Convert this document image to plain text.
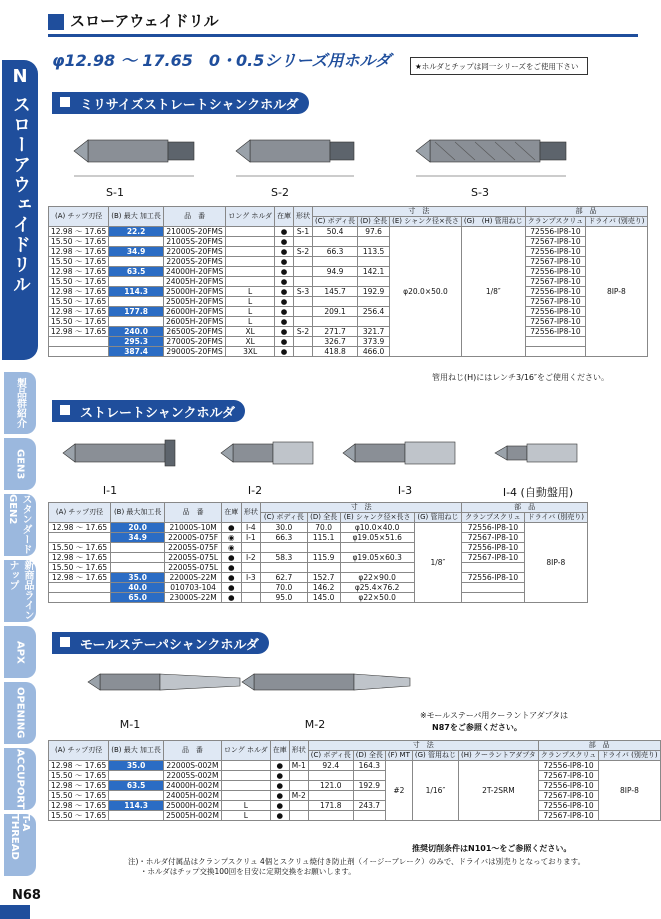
N
スローアウェイドリル
製品群紹介
GEN3
スタンダードGEN2
新商品ラインナップ
APX
OPENING
ACCUPORT
T-A THREAD
スローアウェイドリル
φ12.98 ～ 17.65　0・0.5シリーズ用ホルダ	★ホルダとチップは同一シリーズをご使用下さい
ミリサイズストレートシャンクホルダ
S-1	S-2	S-3
(A) チップ刃径	(B) 最大 加工長	品　番	ロング ホルダ	在庫	形状	寸　法				部　品	
						(C) ボディ長	(D) 全長	(E) シャンク径×長さ	(G)　(H) 管用ねじ	クランプスクリュ	ドライバ (別売り)
12.98 ～ 17.65	22.2	21000S-20FMS		●	S-1	50.4	97.6	φ20.0×50.0	1/8″	72556-IP8-10	8IP-8
15.50 ～ 17.65		21005S-20FMS		●						72567-IP8-10	
12.98 ～ 17.65	34.9	22000S-20FMS		●	S-2	66.3	113.5			72556-IP8-10	
15.50 ～ 17.65		22005S-20FMS		●						72567-IP8-10	
12.98 ～ 17.65	63.5	24000H-20FMS		●		94.9	142.1			72556-IP8-10	
15.50 ～ 17.65		24005H-20FMS		●						72567-IP8-10	
12.98 ～ 17.65	114.3	25000H-20FMS	L	●	S-3	145.7	192.9			72556-IP8-10	
15.50 ～ 17.65		25005H-20FMS	L	●						72567-IP8-10	
12.98 ～ 17.65	177.8	26000H-20FMS	L	●		209.1	256.4			72556-IP8-10	
15.50 ～ 17.65		26005H-20FMS	L	●						72567-IP8-10	
12.98 ～ 17.65	240.0	26500S-20FMS	XL	●	S-2	271.7	321.7			72556-IP8-10	
	295.3	27000S-20FMS	XL	●		326.7	373.9				
	387.4	29000S-20FMS	3XL	●		418.8	466.0				
管用ねじ(H)にはレンチ3/16″をご使用ください。
ストレートシャンクホルダ
I-1	I-2	I-3	I-4 (自動盤用)
(A) チップ刃径	(B) 最大加工長	品　番	在庫	形状	寸　法				部　品	
					(C) ボディ長	(D) 全長	(E) シャンク径×長さ	(G) 管用ねじ	クランプスクリュ	ドライバ (別売り)
12.98 ～ 17.65	20.0	21000S-10M	●	I-4	30.0	70.0	φ10.0×40.0	1/8″	72556-IP8-10	8IP-8
	34.9	22000S-075F	◉	I-1	66.3	115.1	φ19.05×51.6		72567-IP8-10	
15.50 ～ 17.65		22005S-075F	◉						72556-IP8-10	
12.98 ～ 17.65		22005S-075L	●	I-2	58.3	115.9	φ19.05×60.3		72567-IP8-10	
15.50 ～ 17.65		22005S-075L	●							
12.98 ～ 17.65	35.0	22000S-22M	●	I-3	62.7	152.7	φ22×90.0		72556-IP8-10	
	40.0	010703-104	●		70.0	146.2	φ25.4×76.2			
	65.0	23000S-22M	●		95.0	145.0	φ22×50.0			
モールステーパシャンクホルダ
M-1	M-2
※モールステーパ用クーラントアダプタは
N87をご参照ください。
(A) チップ刃径	(B) 最大 加工長	品　番	ロング ホルダ	在庫	形状	寸　法					部　品	
						(C) ボディ長	(D) 全長	(F) MT	(G) 管用ねじ	(H) クーラントアダプタ	クランプスクリュ	ドライバ (別売り)
12.98 ～ 17.65	35.0	22000S-002M		●	M-1	92.4	164.3	#2	1/16″	2T-2SRM	72556-IP8-10	8IP-8
15.50 ～ 17.65		22005S-002M		●							72567-IP8-10	
12.98 ～ 17.65	63.5	24000H-002M		●		121.0	192.9				72556-IP8-10	
15.50 ～ 17.65		24005H-002M		●	M-2						72567-IP8-10	
12.98 ～ 17.65	114.3	25000H-002M	L	●		171.8	243.7				72556-IP8-10	
15.50 ～ 17.65		25005H-002M	L	●							72567-IP8-10	
推奨切削条件はN101～をご参照ください。
注)・ホルダ付属品はクランプスクリュ 4個とスクリュ焼付き防止剤（イージーブレーク）のみで、ドライバは別売りとなっております。
・ホルダはチップ交換100回を目安に定期交換をお願いします。
N68
